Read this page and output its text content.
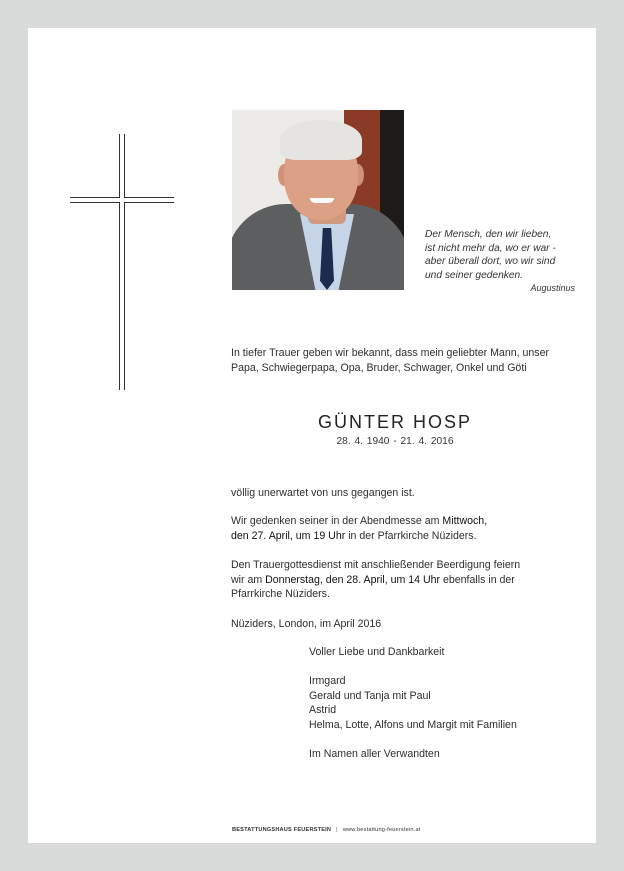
Der Mensch, den wir lieben,
ist nicht mehr da, wo er war -
aber überall dort, wo wir sind
und seiner gedenken.
Augustinus
In tiefer Trauer geben wir bekannt, dass mein geliebter Mann, unser
Papa, Schwiegerpapa, Opa, Bruder, Schwager, Onkel und Göti
GÜNTER HOSP
28. 4. 1940 - 21. 4. 2016
völlig unerwartet von uns gegangen ist.
Wir gedenken seiner in der Abendmesse am Mittwoch,
den 27. April, um 19 Uhr in der Pfarrkirche Nüziders.
Den Trauergottesdienst mit anschließender Beerdigung feiern
wir am Donnerstag, den 28. April, um 14 Uhr ebenfalls in der
Pfarrkirche Nüziders.
Nüziders, London, im April 2016
Voller Liebe und Dankbarkeit
Irmgard
Gerald und Tanja mit Paul
Astrid
Helma, Lotte, Alfons und Margit mit Familien
Im Namen aller Verwandten
BESTATTUNGSHAUS FEUERSTEIN | www.bestattung-feuerstein.at
